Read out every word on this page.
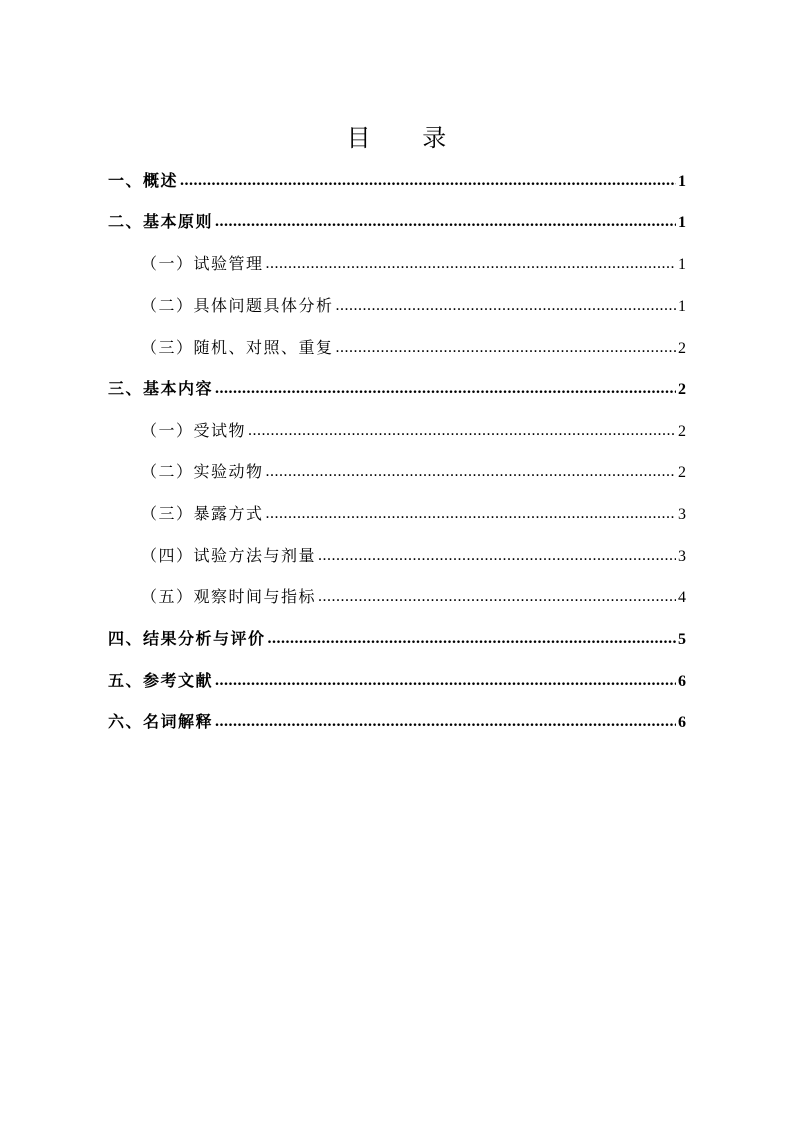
目 录
一、概述 .....	1
二、基本原则 .....	1
（一）试验管理 .....	1
（二）具体问题具体分析 .....	1
（三）随机、对照、重复 .....	2
三、基本内容 .....	2
（一）受试物 .....	2
（二）实验动物 .....	2
（三）暴露方式 .....	3
（四）试验方法与剂量 .....	3
（五）观察时间与指标 .....	4
四、结果分析与评价 .....	5
五、参考文献 .....	6
六、名词解释 .....	6
